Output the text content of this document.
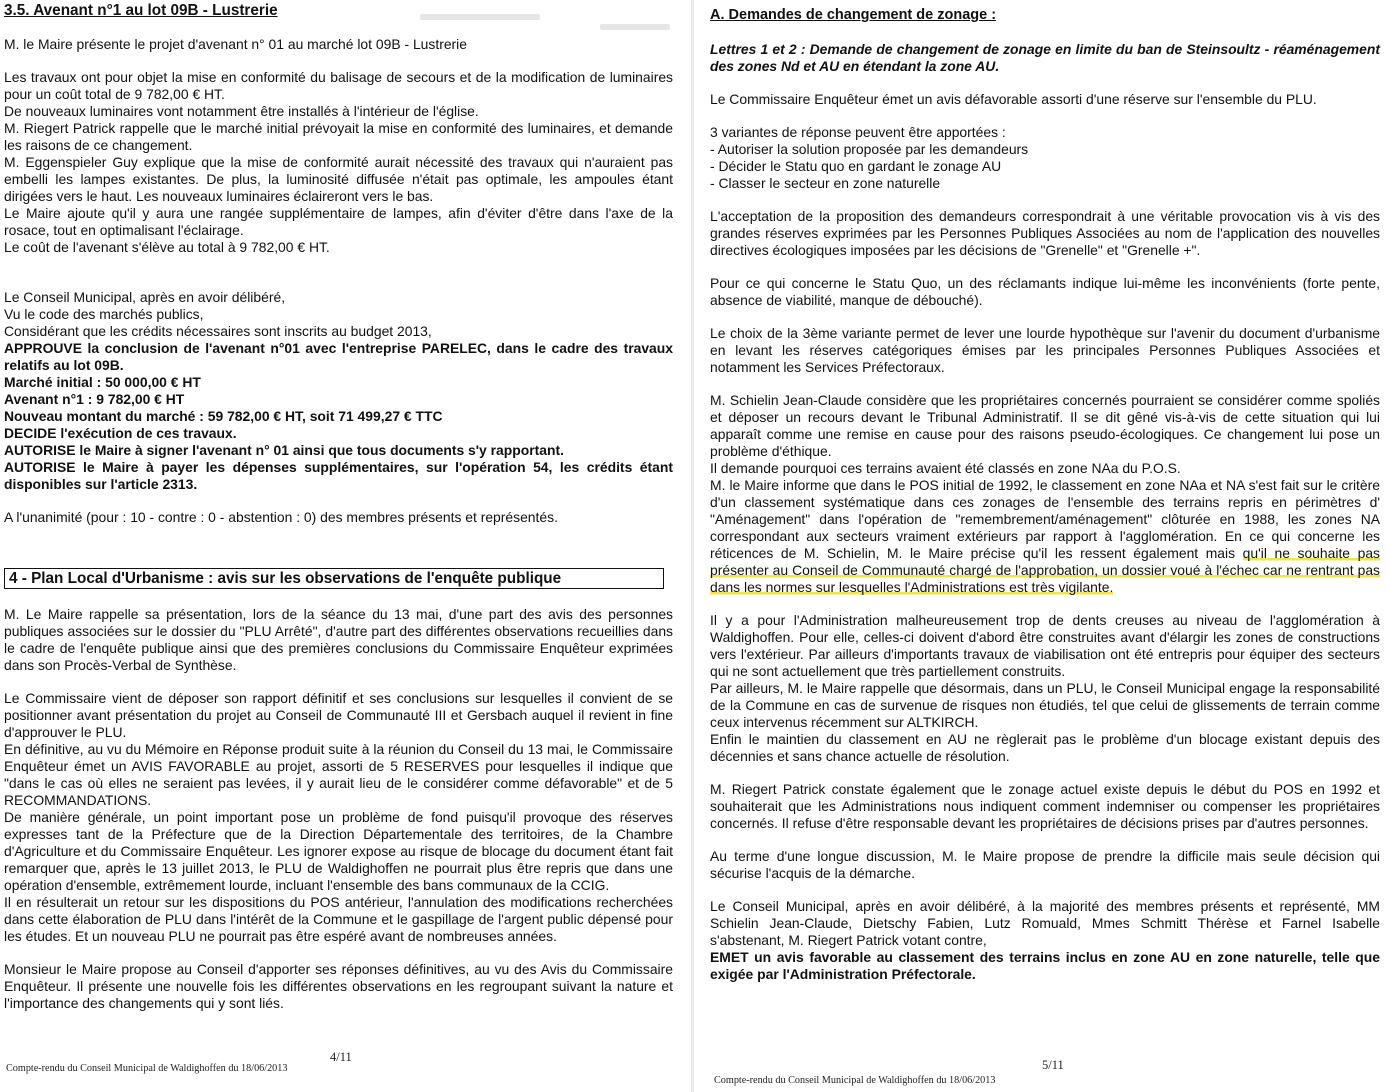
3.5. Avenant n°1 au lot 09B - Lustrerie

M. le Maire présente le projet d'avenant n° 01 au marché lot 09B - Lustrerie

Les travaux ont pour objet la mise en conformité du balisage de secours et de la modification de luminaires pour un coût total de 9 782,00 € HT.

De nouveaux luminaires vont notamment être installés à l'intérieur de l'église.

M. Riegert Patrick rappelle que le marché initial prévoyait la mise en conformité des luminaires, et demande les raisons de ce changement.

M. Eggenspieler Guy explique que la mise de conformité aurait nécessité des travaux qui n'auraient pas embelli les lampes existantes. De plus, la luminosité diffusée n'était pas optimale, les ampoules étant dirigées vers le haut. Les nouveaux luminaires éclaireront vers le bas.

Le Maire ajoute qu'il y aura une rangée supplémentaire de lampes, afin d'éviter d'être dans l'axe de la rosace, tout en optimalisant l'éclairage.

Le coût de l'avenant s'élève au total à 9 782,00 € HT.

Le Conseil Municipal, après en avoir délibéré,

Vu le code des marchés publics,

Considérant que les crédits nécessaires sont inscrits au budget 2013,

APPROUVE la conclusion de l'avenant n°01 avec l'entreprise PARELEC, dans le cadre des travaux relatifs au lot 09B.

Marché initial : 50 000,00 € HT

Avenant n°1 : 9 782,00 € HT

Nouveau montant du marché : 59 782,00 € HT, soit 71 499,27 € TTC

DECIDE l'exécution de ces travaux.

AUTORISE le Maire à signer l'avenant n° 01 ainsi que tous documents s'y rapportant.

AUTORISE le Maire à payer les dépenses supplémentaires, sur l'opération 54, les crédits étant disponibles sur l'article 2313.

A l'unanimité (pour : 10 - contre : 0 - abstention : 0) des membres présents et représentés.

4 - Plan Local d'Urbanisme : avis sur les observations de l'enquête publique

M. Le Maire rappelle sa présentation, lors de la séance du 13 mai, d'une part des avis des personnes publiques associées sur le dossier du "PLU Arrêté", d'autre part des différentes observations recueillies dans le cadre de l'enquête publique ainsi que des premières conclusions du Commissaire Enquêteur exprimées dans son Procès-Verbal de Synthèse.

Le Commissaire vient de déposer son rapport définitif et ses conclusions sur lesquelles il convient de se positionner avant présentation du projet au Conseil de Communauté III et Gersbach auquel il revient in fine d'approuver le PLU.

En définitive, au vu du Mémoire en Réponse produit suite à la réunion du Conseil du 13 mai, le Commissaire Enquêteur émet un AVIS FAVORABLE au projet, assorti de 5 RESERVES pour lesquelles il indique que "dans le cas où elles ne seraient pas levées, il y aurait lieu de le considérer comme défavorable" et de 5 RECOMMANDATIONS.

De manière générale, un point important pose un problème de fond puisqu'il provoque des réserves expresses tant de la Préfecture que de la Direction Départementale des territoires, de la Chambre d'Agriculture et du Commissaire Enquêteur. Les ignorer expose au risque de blocage du document étant fait remarquer que, après le 13 juillet 2013, le PLU de Waldighoffen ne pourrait plus être repris que dans une opération d'ensemble, extrêmement lourde, incluant l'ensemble des bans communaux de la CCIG.

Il en résulterait un retour sur les dispositions du POS antérieur, l'annulation des modifications recherchées dans cette élaboration de PLU dans l'intérêt de la Commune et le gaspillage de l'argent public dépensé pour les études. Et un nouveau PLU ne pourrait pas être espéré avant de nombreuses années.

Monsieur le Maire propose au Conseil d'apporter ses réponses définitives, au vu des Avis du Commissaire Enquêteur. Il présente une nouvelle fois les différentes observations en les regroupant suivant la nature et l'importance des changements qui y sont liés.

4/11
Compte-rendu du Conseil Municipal de Waldighoffen du 18/06/2013
A. Demandes de changement de zonage :

Lettres 1 et 2 : Demande de changement de zonage en limite du ban de Steinsoultz - réaménagement des zones Nd et AU en étendant la zone AU.

Le Commissaire Enquêteur émet un avis défavorable assorti d'une réserve sur l'ensemble du PLU.

3 variantes de réponse peuvent être apportées :

- Autoriser la solution proposée par les demandeurs

- Décider le Statu quo en gardant le zonage AU

- Classer le secteur en zone naturelle

L'acceptation de la proposition des demandeurs correspondrait à une véritable provocation vis à vis des grandes réserves exprimées par les Personnes Publiques Associées au nom de l'application des nouvelles directives écologiques imposées par les décisions de "Grenelle" et "Grenelle +".

Pour ce qui concerne le Statu Quo, un des réclamants indique lui-même les inconvénients (forte pente, absence de viabilité, manque de débouché).

Le choix de la 3ème variante permet de lever une lourde hypothèque sur l'avenir du document d'urbanisme en levant les réserves catégoriques émises par les principales Personnes Publiques Associées et notamment les Services Préfectoraux.

M. Schielin Jean-Claude considère que les propriétaires concernés pourraient se considérer comme spoliés et déposer un recours devant le Tribunal Administratif. Il se dit gêné vis-à-vis de cette situation qui lui apparaît comme une remise en cause pour des raisons pseudo-écologiques. Ce changement lui pose un problème d'éthique.

Il demande pourquoi ces terrains avaient été classés en zone NAa du P.O.S.

M. le Maire informe que dans le POS initial de 1992, le classement en zone NAa et NA s'est fait sur le critère d'un classement systématique dans ces zonages de l'ensemble des terrains repris en périmètres d' "Aménagement" dans l'opération de "remembrement/aménagement" clôturée en 1988, les zones NA correspondant aux secteurs vraiment extérieurs par rapport à l'agglomération. En ce qui concerne les réticences de M. Schielin, M. le Maire précise qu'il les ressent également mais qu'il ne souhaite pas présenter au Conseil de Communauté chargé de l'approbation, un dossier voué à l'échec car ne rentrant pas dans les normes sur lesquelles l'Administrations est très vigilante.

Il y a pour l'Administration malheureusement trop de dents creuses au niveau de l'agglomération à Waldighoffen. Pour elle, celles-ci doivent d'abord être construites avant d'élargir les zones de constructions vers l'extérieur. Par ailleurs d'importants travaux de viabilisation ont été entrepris pour équiper des secteurs qui ne sont actuellement que très partiellement construits.

Par ailleurs, M. le Maire rappelle que désormais, dans un PLU, le Conseil Municipal engage la responsabilité de la Commune en cas de survenue de risques non étudiés, tel que celui de glissements de terrain comme ceux intervenus récemment sur ALTKIRCH.

Enfin le maintien du classement en AU ne règlerait pas le problème d'un blocage existant depuis des décennies et sans chance actuelle de résolution.

M. Riegert Patrick constate également que le zonage actuel existe depuis le début du POS en 1992 et souhaiterait que les Administrations nous indiquent comment indemniser ou compenser les propriétaires concernés. Il refuse d'être responsable devant les propriétaires de décisions prises par d'autres personnes.

Au terme d'une longue discussion, M. le Maire propose de prendre la difficile mais seule décision qui sécurise l'acquis de la démarche.

Le Conseil Municipal, après en avoir délibéré, à la majorité des membres présents et représenté, MM Schielin Jean-Claude, Dietschy Fabien, Lutz Romuald, Mmes Schmitt Thérèse et Farnel Isabelle s'abstenant, M. Riegert Patrick votant contre,

EMET un avis favorable au classement des terrains inclus en zone AU en zone naturelle, telle que exigée par l'Administration Préfectorale.

5/11
Compte-rendu du Conseil Municipal de Waldighoffen du 18/06/2013
